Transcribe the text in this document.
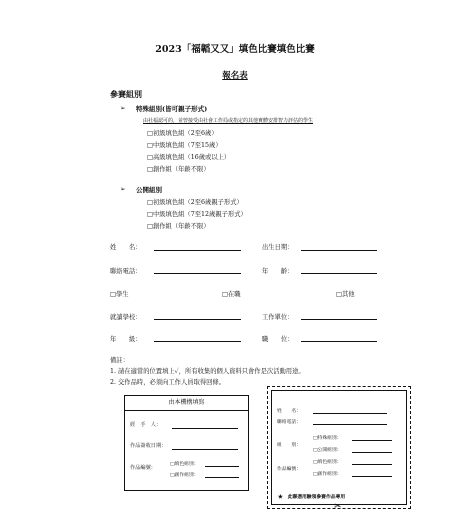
2023「福韜又又」填色比賽填色比賽
報名表
參賽組別
➢ 特殊組別(皆可親子形式)
由社福認可的，並曾接受由社會工作局或指定的其他實體安排智力評估的學生
□初級填色組（2至6歲）
□中級填色組（7至15歲）
□高級填色組（16歲或以上）
□創作組（年齡不限）
➢ 公開組別
□初級填色組（2至6歲親子形式）
□中級填色組（7至12歲親子形式）
□創作組（年齡不限）
姓　　名：	出生日期：
聯絡電話：	年　　齡：
□學生	□在職	□其他
就讀學校：	工作單位：
年　　級：	職　　位：
備註：
1. 請在適當的位置填上✓，所有收集的個人資料只會作是次活動用途。
2. 交作品時，必須向工作人員取得回條。
由本機構填寫
經　手　人：
作品簽收日期：
作品編號：
□填色組別：
□創作組別：
姓　　名：
聯絡電話：
組　　別：
□特殊組別：
□公開組別：
作品編號：
□填色組別：
□創作組別：
★　此聯憑用驗領參賽作品專用
✂
